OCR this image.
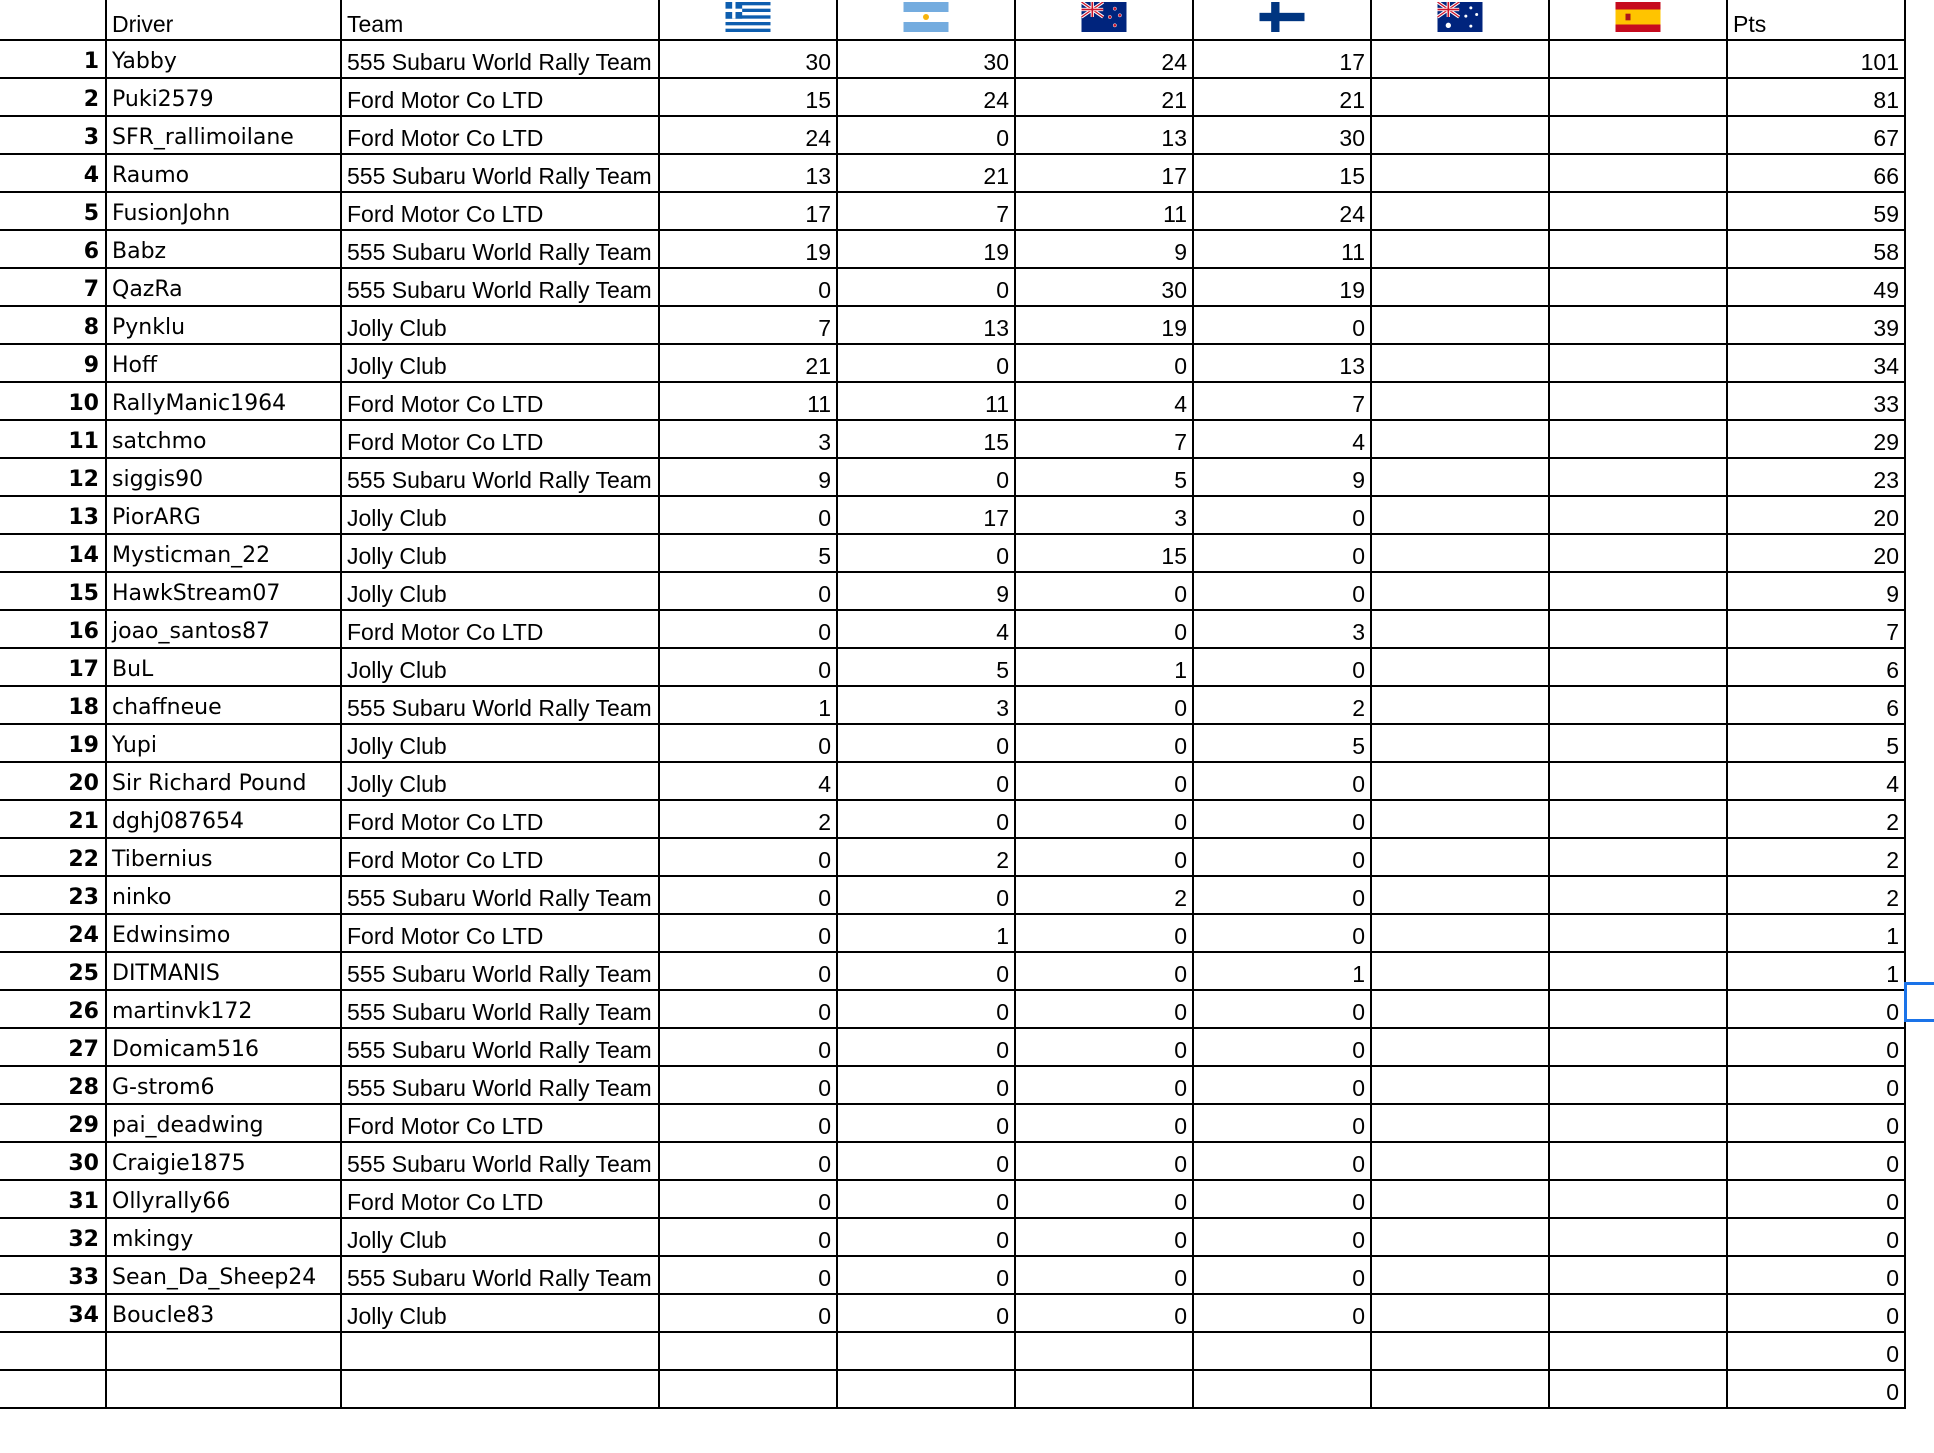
	Driver	Team							Pts
1	Yabby	555 Subaru World Rally Team	30	30	24	17			101
2	Puki2579	Ford Motor Co LTD	15	24	21	21			81
3	SFR_rallimoilane	Ford Motor Co LTD	24	0	13	30			67
4	Raumo	555 Subaru World Rally Team	13	21	17	15			66
5	FusionJohn	Ford Motor Co LTD	17	7	11	24			59
6	Babz	555 Subaru World Rally Team	19	19	9	11			58
7	QazRa	555 Subaru World Rally Team	0	0	30	19			49
8	Pynklu	Jolly Club	7	13	19	0			39
9	Hoff	Jolly Club	21	0	0	13			34
10	RallyManic1964	Ford Motor Co LTD	11	11	4	7			33
11	satchmo	Ford Motor Co LTD	3	15	7	4			29
12	siggis90	555 Subaru World Rally Team	9	0	5	9			23
13	PiorARG	Jolly Club	0	17	3	0			20
14	Mysticman_22	Jolly Club	5	0	15	0			20
15	HawkStream07	Jolly Club	0	9	0	0			9
16	joao_santos87	Ford Motor Co LTD	0	4	0	3			7
17	BuL	Jolly Club	0	5	1	0			6
18	chaffneue	555 Subaru World Rally Team	1	3	0	2			6
19	Yupi	Jolly Club	0	0	0	5			5
20	Sir Richard Pound	Jolly Club	4	0	0	0			4
21	dghj087654	Ford Motor Co LTD	2	0	0	0			2
22	Tibernius	Ford Motor Co LTD	0	2	0	0			2
23	ninko	555 Subaru World Rally Team	0	0	2	0			2
24	Edwinsimo	Ford Motor Co LTD	0	1	0	0			1
25	DITMANIS	555 Subaru World Rally Team	0	0	0	1			1
26	martinvk172	555 Subaru World Rally Team	0	0	0	0			0
27	Domicam516	555 Subaru World Rally Team	0	0	0	0			0
28	G-strom6	555 Subaru World Rally Team	0	0	0	0			0
29	pai_deadwing	Ford Motor Co LTD	0	0	0	0			0
30	Craigie1875	555 Subaru World Rally Team	0	0	0	0			0
31	Ollyrally66	Ford Motor Co LTD	0	0	0	0			0
32	mkingy	Jolly Club	0	0	0	0			0
33	Sean_Da_Sheep24	555 Subaru World Rally Team	0	0	0	0			0
34	Boucle83	Jolly Club	0	0	0	0			0
									0
									0
